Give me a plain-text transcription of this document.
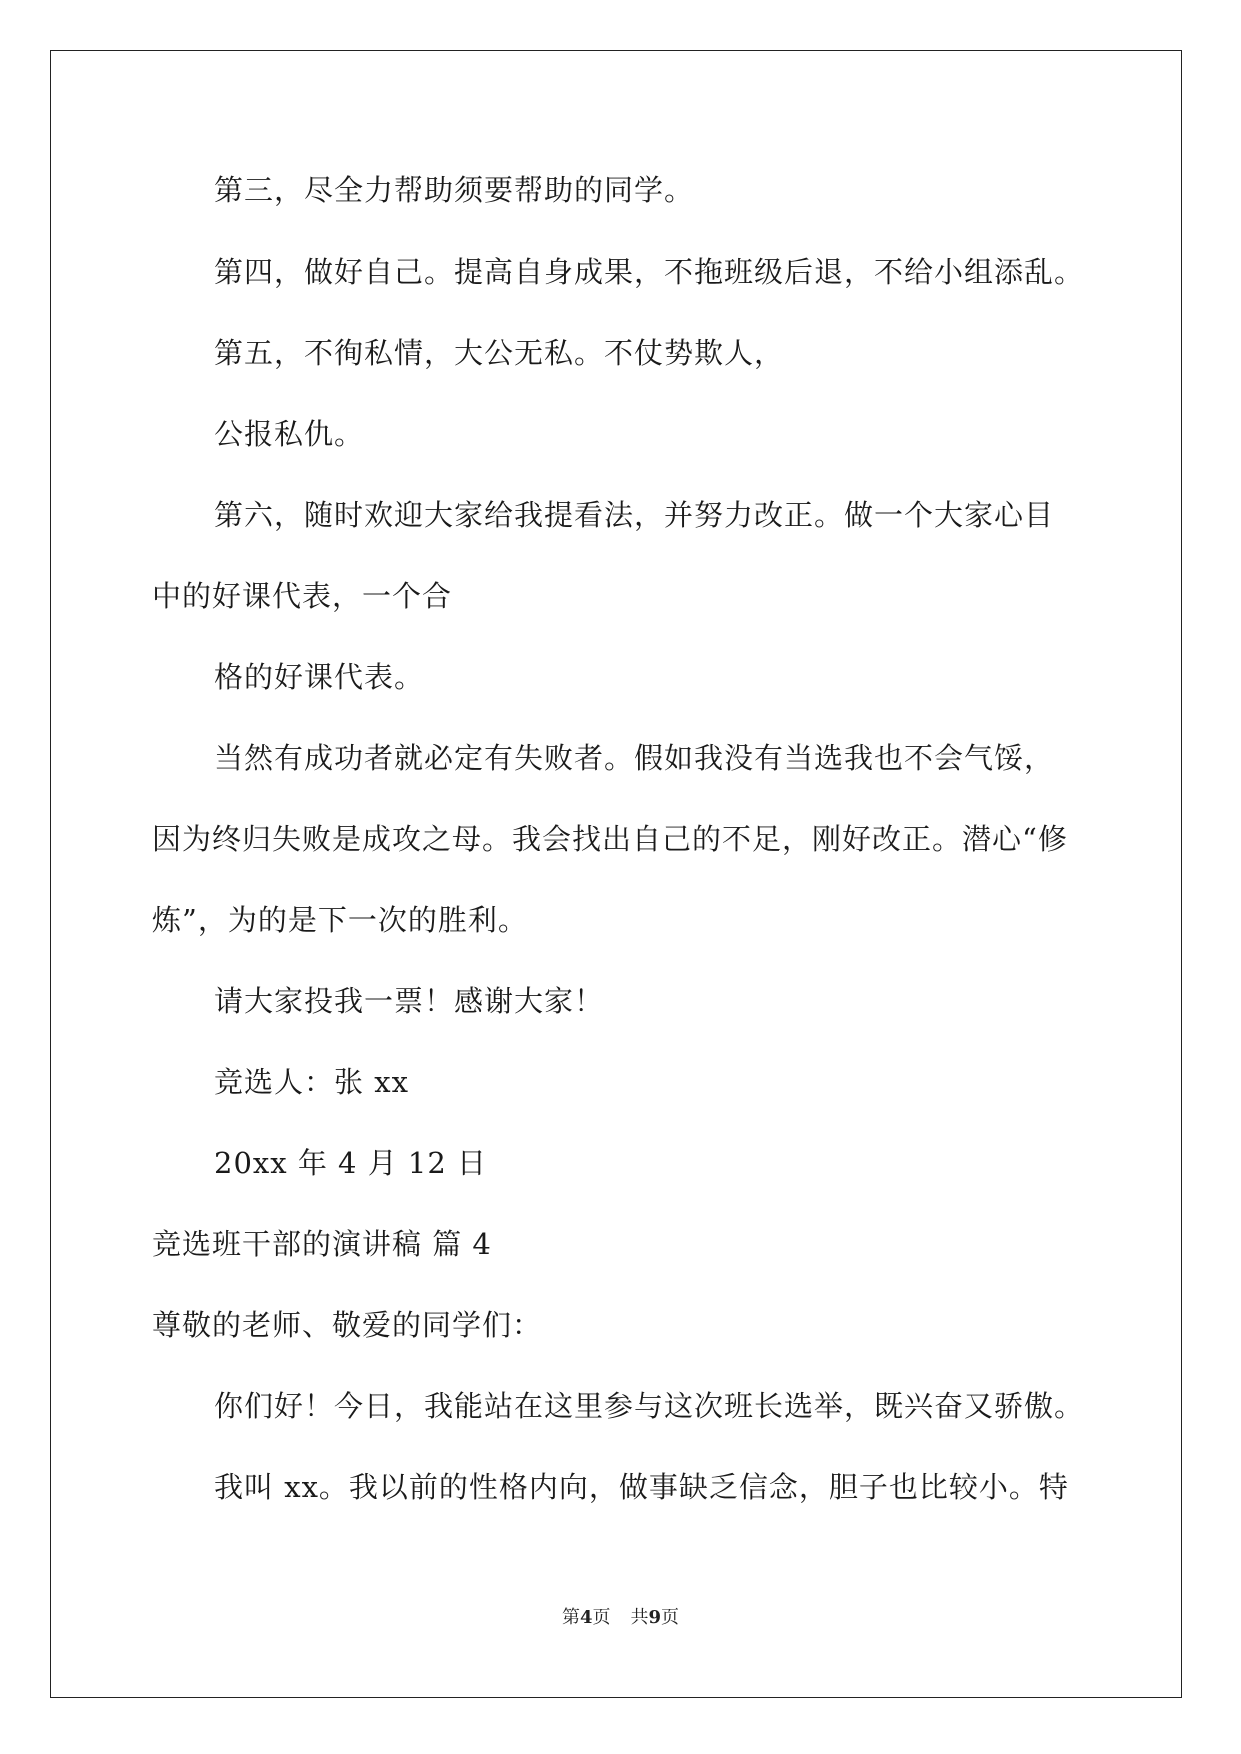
第三，尽全力帮助须要帮助的同学。
第四，做好自己。提高自身成果，不拖班级后退，不给小组添乱。
第五，不徇私情，大公无私。不仗势欺人，
公报私仇。
第六，随时欢迎大家给我提看法，并努力改正。做一个大家心目
中的好课代表，一个合
格的好课代表。
当然有成功者就必定有失败者。假如我没有当选我也不会气馁，
因为终归失败是成攻之母。我会找出自己的不足，刚好改正。潜心“修
炼”，为的是下一次的胜利。
请大家投我一票！感谢大家！
竞选人：张 xx
20xx 年 4 月 12 日
竞选班干部的演讲稿 篇 4
尊敬的老师、敬爱的同学们：
你们好！今日，我能站在这里参与这次班长选举，既兴奋又骄傲。
我叫 xx。我以前的性格内向，做事缺乏信念，胆子也比较小。特
第4页 共9页
